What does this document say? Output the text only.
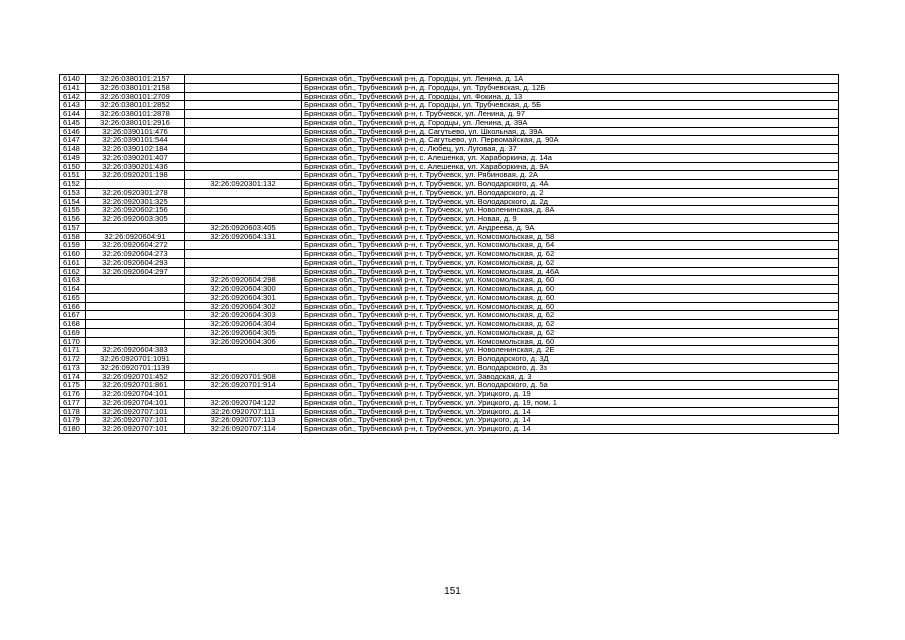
6140	32:26:0380101:2157		Брянская обл., Трубчевский р-н, д. Городцы, ул. Ленина, д. 1А
6141	32:26:0380101:2158		Брянская обл., Трубчевский р-н, д. Городцы, ул. Трубчевская, д. 12Б
6142	32:26:0380101:2709		Брянская обл., Трубчевский р-н, д. Городцы, ул. Фокина, д. 13
6143	32:26:0380101:2852		Брянская обл., Трубчевский р-н, д. Городцы, ул. Трубчевская, д. 5Б
6144	32:26:0380101:2878		Брянская обл., Трубчевский р-н, г. Трубчевск, ул. Ленина, д. 97
6145	32:26:0380101:2916		Брянская обл., Трубчевский р-н, д. Городцы, ул. Ленина, д. 39А
6146	32:26:0390101:476		Брянская обл., Трубчевский р-н, д. Сагутьево, ул. Школьная, д. 39А
6147	32:26:0390101:544		Брянская обл., Трубчевский р-н, д. Сагутьево, ул. Первомайская, д. 90А
6148	32:26:0390102:184		Брянская обл., Трубчевский р-н, с. Любец, ул. Луговая, д. 37
6149	32:26:0390201:407		Брянская обл., Трубчевский р-н, с. Алешенка, ул. Хараборкина, д. 14а
6150	32:26:0390201:436		Брянская обл., Трубчевский р-н, с. Алешенка, ул. Хараборкина, д. 9А
6151	32:26:0920201:198		Брянская обл., Трубчевский р-н, г. Трубчевск, ул. Рябиновая, д. 2А
6152		32:26:0920301:132	Брянская обл., Трубчевский р-н, г. Трубчевск, ул. Володарского, д. 4А
6153	32:26:0920301:278		Брянская обл., Трубчевский р-н, г. Трубчевск, ул. Володарского, д. 2
6154	32:26:0920301:325		Брянская обл., Трубчевский р-н, г. Трубчевск, ул. Володарского, д. 2д
6155	32:26:0920602:156		Брянская обл., Трубчевский р-н, г. Трубчевск, ул. Новоленинская, д. 8А
6156	32:26:0920603:305		Брянская обл., Трубчевский р-н, г. Трубчевск, ул. Новая, д. 9
6157		32:26:0920603:405	Брянская обл., Трубчевский р-н, г. Трубчевск, ул. Андреева, д. 9А
6158	32:26:0920604:91	32:26:0920604:131	Брянская обл., Трубчевский р-н, г. Трубчевск, ул. Комсомольская, д. 58
6159	32:26:0920604:272		Брянская обл., Трубчевский р-н, г. Трубчевск, ул. Комсомольская, д. 64
6160	32:26:0920604:273		Брянская обл., Трубчевский р-н, г. Трубчевск, ул. Комсомольская, д. 62
6161	32:26:0920604:293		Брянская обл., Трубчевский р-н, г. Трубчевск, ул. Комсомольская, д. 62
6162	32:26:0920604:297		Брянская обл., Трубчевский р-н, г. Трубчевск, ул. Комсомольская, д. 46А
6163		32:26:0920604:298	Брянская обл., Трубчевский р-н, г. Трубчевск, ул. Комсомольская, д. 60
6164		32:26:0920604:300	Брянская обл., Трубчевский р-н, г. Трубчевск, ул. Комсомольская, д. 60
6165		32:26:0920604:301	Брянская обл., Трубчевский р-н, г. Трубчевск, ул. Комсомольская, д. 60
6166		32:26:0920604:302	Брянская обл., Трубчевский р-н, г. Трубчевск, ул. Комсомольская, д. 60
6167		32:26:0920604:303	Брянская обл., Трубчевский р-н, г. Трубчевск, ул. Комсомольская, д. 62
6168		32:26:0920604:304	Брянская обл., Трубчевский р-н, г. Трубчевск, ул. Комсомольская, д. 62
6169		32:26:0920604:305	Брянская обл., Трубчевский р-н, г. Трубчевск, ул. Комсомольская, д. 62
6170		32:26:0920604:306	Брянская обл., Трубчевский р-н, г. Трубчевск, ул. Комсомольская, д. 60
6171	32:26:0920604:383		Брянская обл., Трубчевский р-н, г. Трубчевск, ул. Новоленинская, д. 2Е
6172	32:26:0920701:1091		Брянская обл., Трубчевский р-н, г. Трубчевск, ул. Володарского, д. 3Д
6173	32:26:0920701:1139		Брянская обл., Трубчевский р-н, г. Трубчевск, ул. Володарского, д. 3з
6174	32:26:0920701:452	32:26:0920701:908	Брянская обл., Трубчевский р-н, г. Трубчевск, ул. Заводская, д. 3
6175	32:26:0920701:861	32:26:0920701:914	Брянская обл., Трубчевский р-н, г. Трубчевск, ул. Володарского, д. 5а
6176	32:26:0920704:101		Брянская обл., Трубчевский р-н, г. Трубчевск, ул. Урицкого, д. 19
6177	32:26:0920704:101	32:26:0920704:122	Брянская обл., Трубчевский р-н, г. Трубчевск, ул. Урицкого, д. 19, пом. 1
6178	32:26:0920707:101	32:26:0920707:111	Брянская обл., Трубчевский р-н, г. Трубчевск, ул. Урицкого, д. 14
6179	32:26:0920707:101	32:26:0920707:113	Брянская обл., Трубчевский р-н, г. Трубчевск, ул. Урицкого, д. 14
6180	32:26:0920707:101	32:26:0920707:114	Брянская обл., Трубчевский р-н, г. Трубчевск, ул. Урицкого, д. 14
151
